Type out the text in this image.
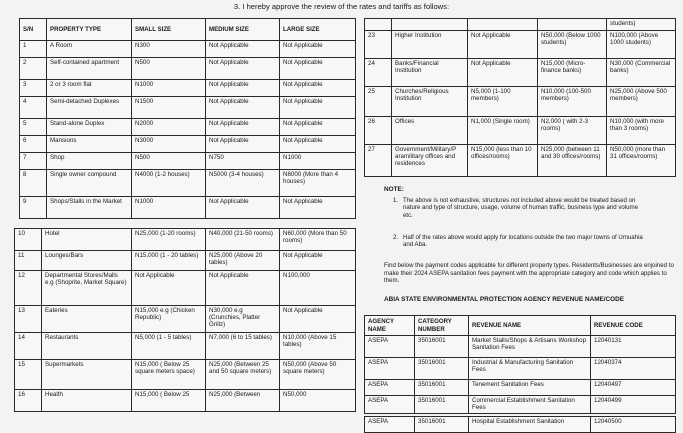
3. I hereby approve the review of the rates and tariffs as follows:
S/N	PROPERTY TYPE	SMALL SIZE	MEDIUM SIZE	LARGE SIZE
1	A Room	N300	Not Applicable	Not Applicable
2	Self-contained apartment	N500	Not Applicable	Not Applicable
3	2 or 3 room flat	N1000	Not Applicable	Not Applicable
4	Semi-detached Duplexes	N1500	Not Applicable	Not Applicable
5	Stand-alone Duplex	N2000	Not Applicable	Not Applicable
6	Mansions	N3000	Not Applicable	Not Applicable
7	Shop	N500	N750	N1000
8	Single owner compound	N4000 (1-2 houses)	N5000 (3-4 houses)	N6000 (More than 4 houses)
9	Shops/Stalls in the Market	N1000	Not Applicable	Not Applicable
10	Hotel	N25,000 (1-20 rooms)	N40,000 (21-50 rooms)	N60,000 (More than 50 rooms)
11	Lounges/Bars	N15,000 (1 - 20 tables)	N25,000 (Above 20 tables)	Not Applicable
12	Departmental Stores/Malls e.g (Shoprite, Market Square)	Not Applicable	Not Applicable	N100,000
13	Eateries	N15,000 e.g (Chicken Republic)	N30,000 e.g (Crunchies, Platter Grillz)	Not Applicable
14	Restaurants	N5,000 (1 - 5 tables)	N7,000 (6 to 15 tables)	N10,000 (Above 15 tables)
15	Supermarkets	N15,000 ( Below 25 square meters space)	N25,000 (Between 25 and 50 square meters)	N50,000 (Above 50 square meters)
16	Health	N15,000 ( Below 25	N25,000 (Between	N50,000
				students)
23	Higher Institution	Not Applicable	N50,000 (Below 1000 students)	N100,000 (Above 1000 students)
24	Banks/Financial Institution	Not Applicable	N15,000 (Micro-finance banks)	N30,000 (Commercial banks)
25	Churches/Religious Institution	N5,000 (1-100 members)	N10,000 (100-500 members)	N25,000 (Above 500 members)
26	Offices	N1,000 (Single room)	N2,000 ( with 2-3 rooms)	N10,000 (with more than 3 rooms)
27	Government/Military/P aramilitary offices and residences	N15,000 (less than 10 offices/rooms)	N25,000 (between 11 and 30 offices/rooms)	N50,000 (more than 31 offices/rooms)
NOTE:
1. The above is not exhaustive, structures not included above would be treated based on nature and type of structure, usage, volume of human traffic, business type and volume etc.
2. Half of the rates above would apply for locations outside the two major towns of Umuahia and Aba.
Find below the payment codes applicable for different property types. Residents/Businesses are enjoined to make their 2024 ASEPA sanitation fees payment with the appropriate category and code which applies to them.
ABIA STATE ENVIRONMENTAL PROTECTION AGENCY REVENUE NAME/CODE
AGENCY NAME	CATEGORY NUMBER	REVENUE NAME	REVENUE CODE
ASEPA	35016001	Market Stalls/Shops & Artisans Workshop Sanitation Fees	12040131
ASEPA	35016001	Industrial & Manufacturing Sanitation Fees	12040374
ASEPA	35016001	Tenement Sanitation Fees	12040497
ASEPA	35016001	Commercial Establishment Sanitation Fees	12040499
ASEPA	35016001	Hospital Establishment Sanitation	12040500
